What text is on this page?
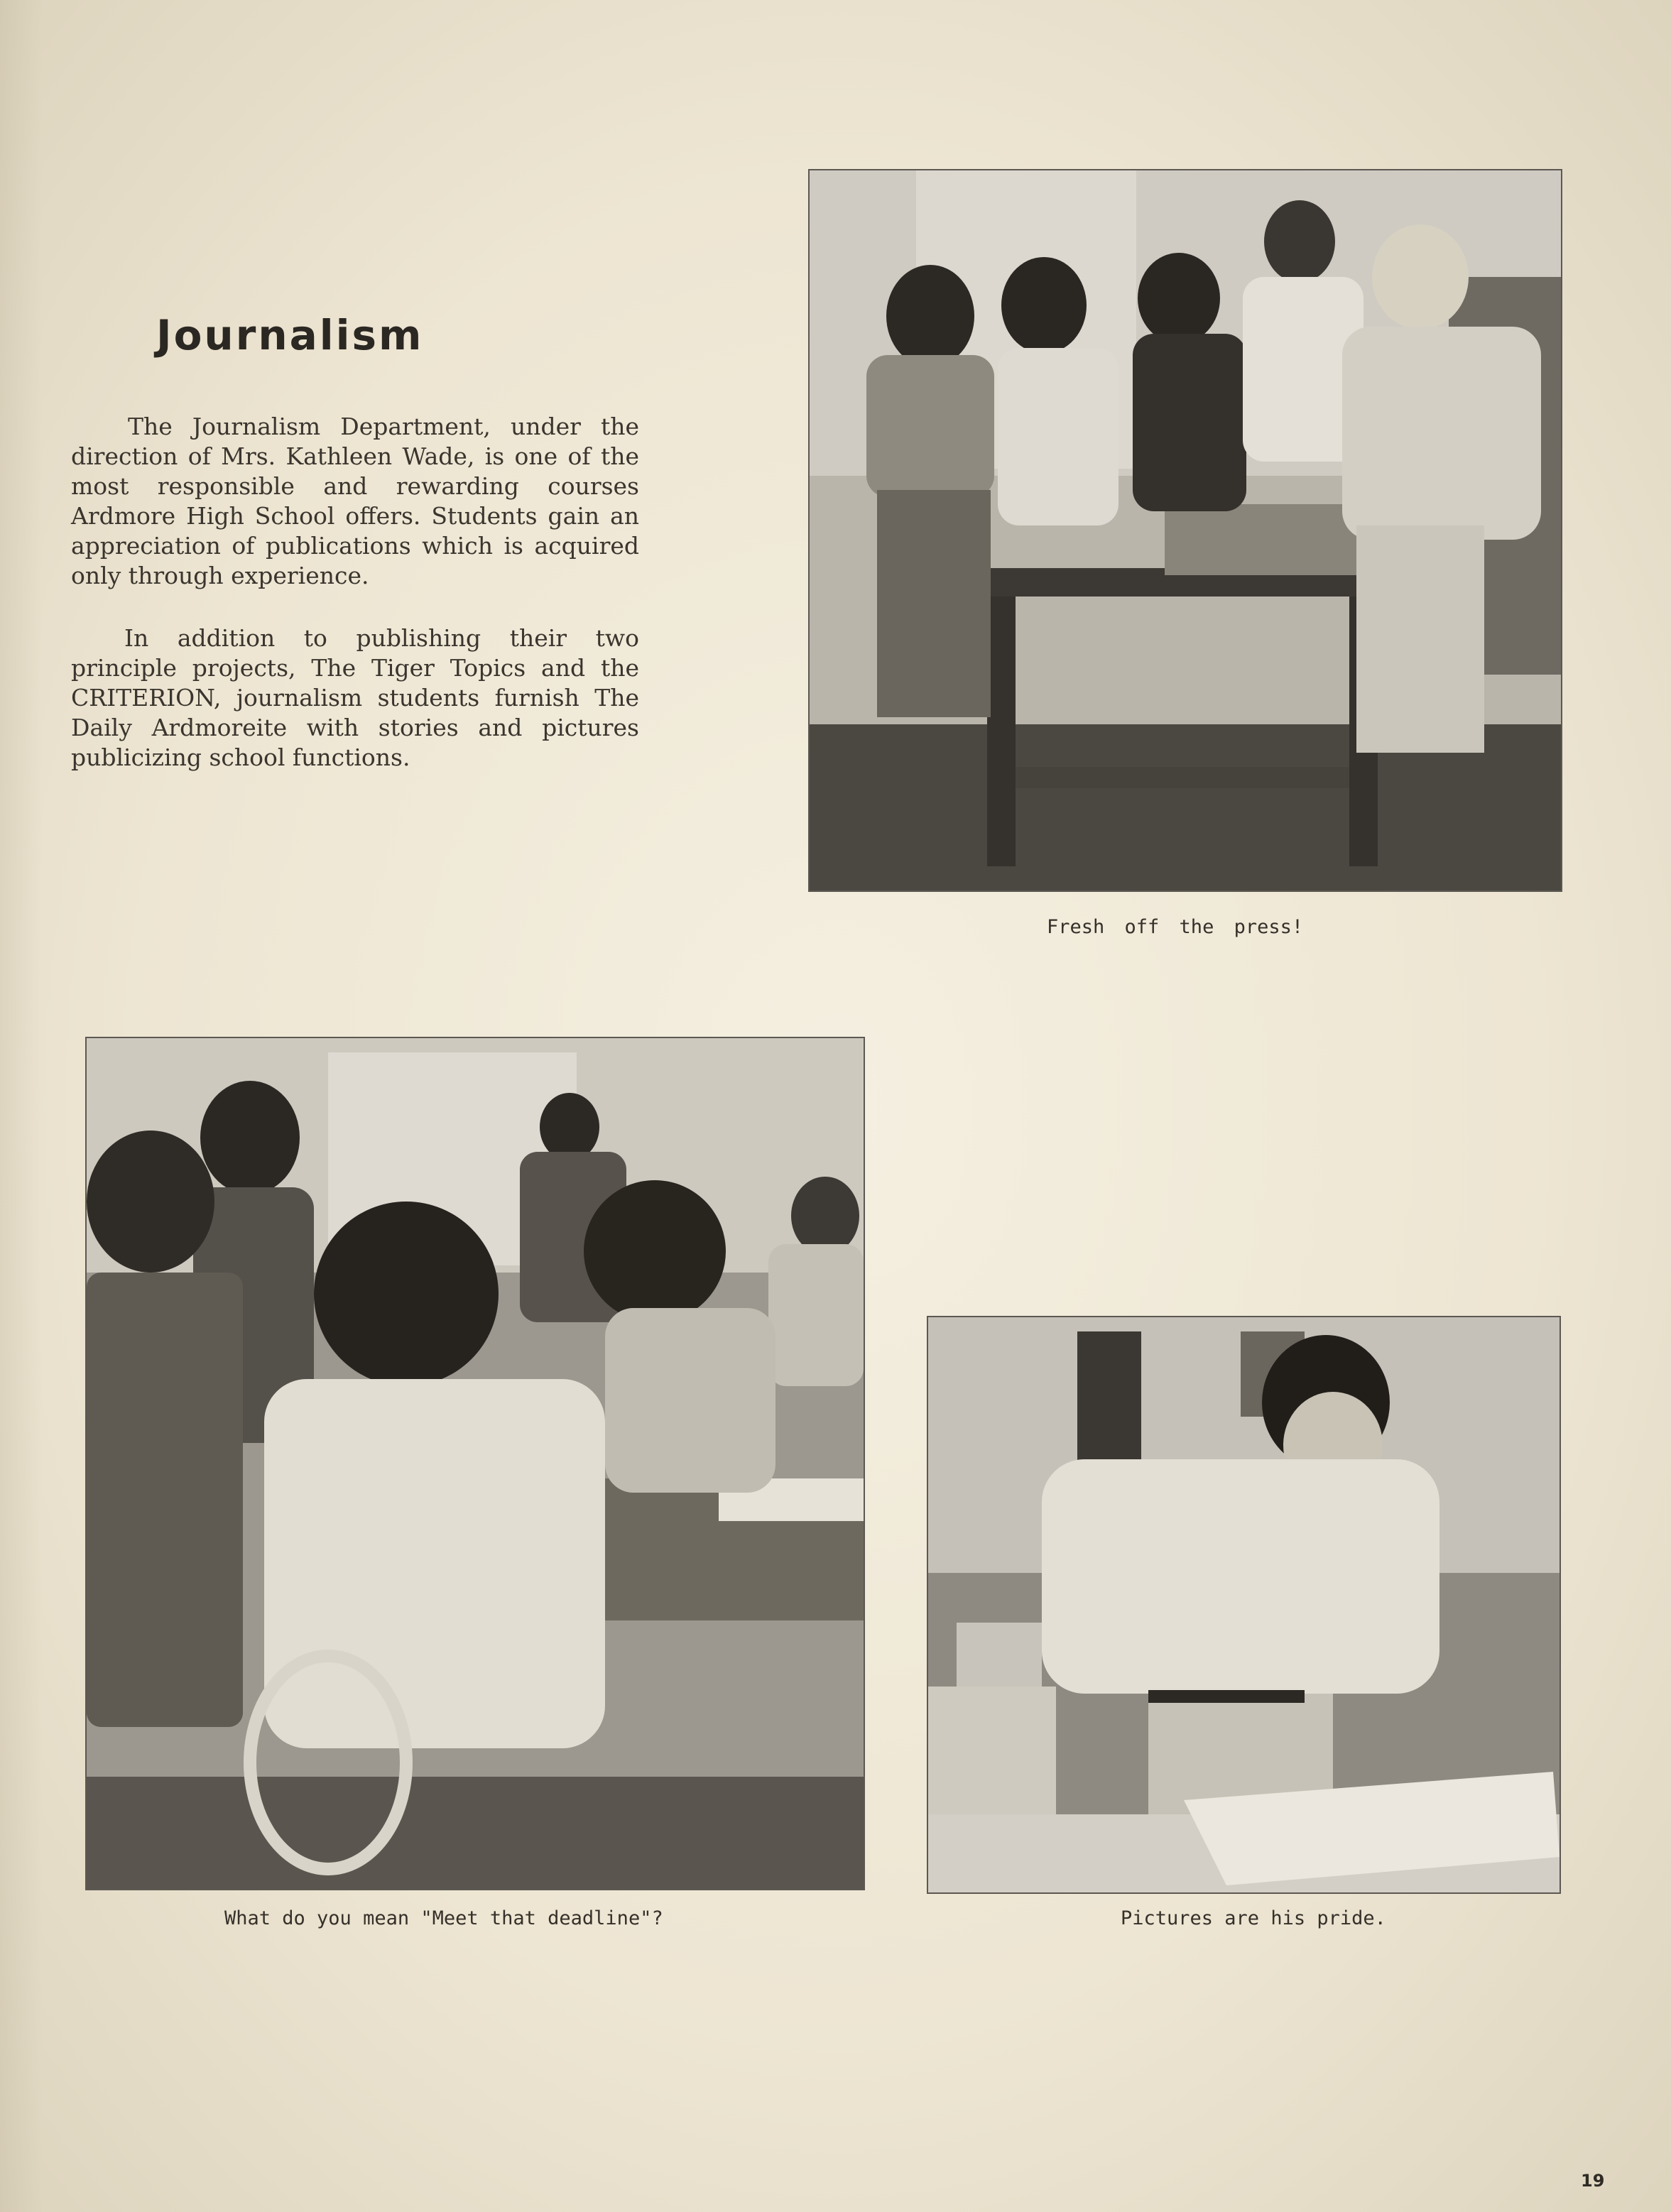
Journalism

The Journalism Department, under the direction of Mrs. Kathleen Wade, is one of the most responsible and rewarding courses Ardmore High School offers. Students gain an appreciation of publications which is acquired only through experience.

In addition to publishing their two principle projects, The Tiger Topics and the CRITERION, journalism students furnish The Daily Ardmoreite with stories and pictures publicizing school functions.

Fresh off the press!

What do you mean "Meet that deadline"?	Pictures are his pride.

19
